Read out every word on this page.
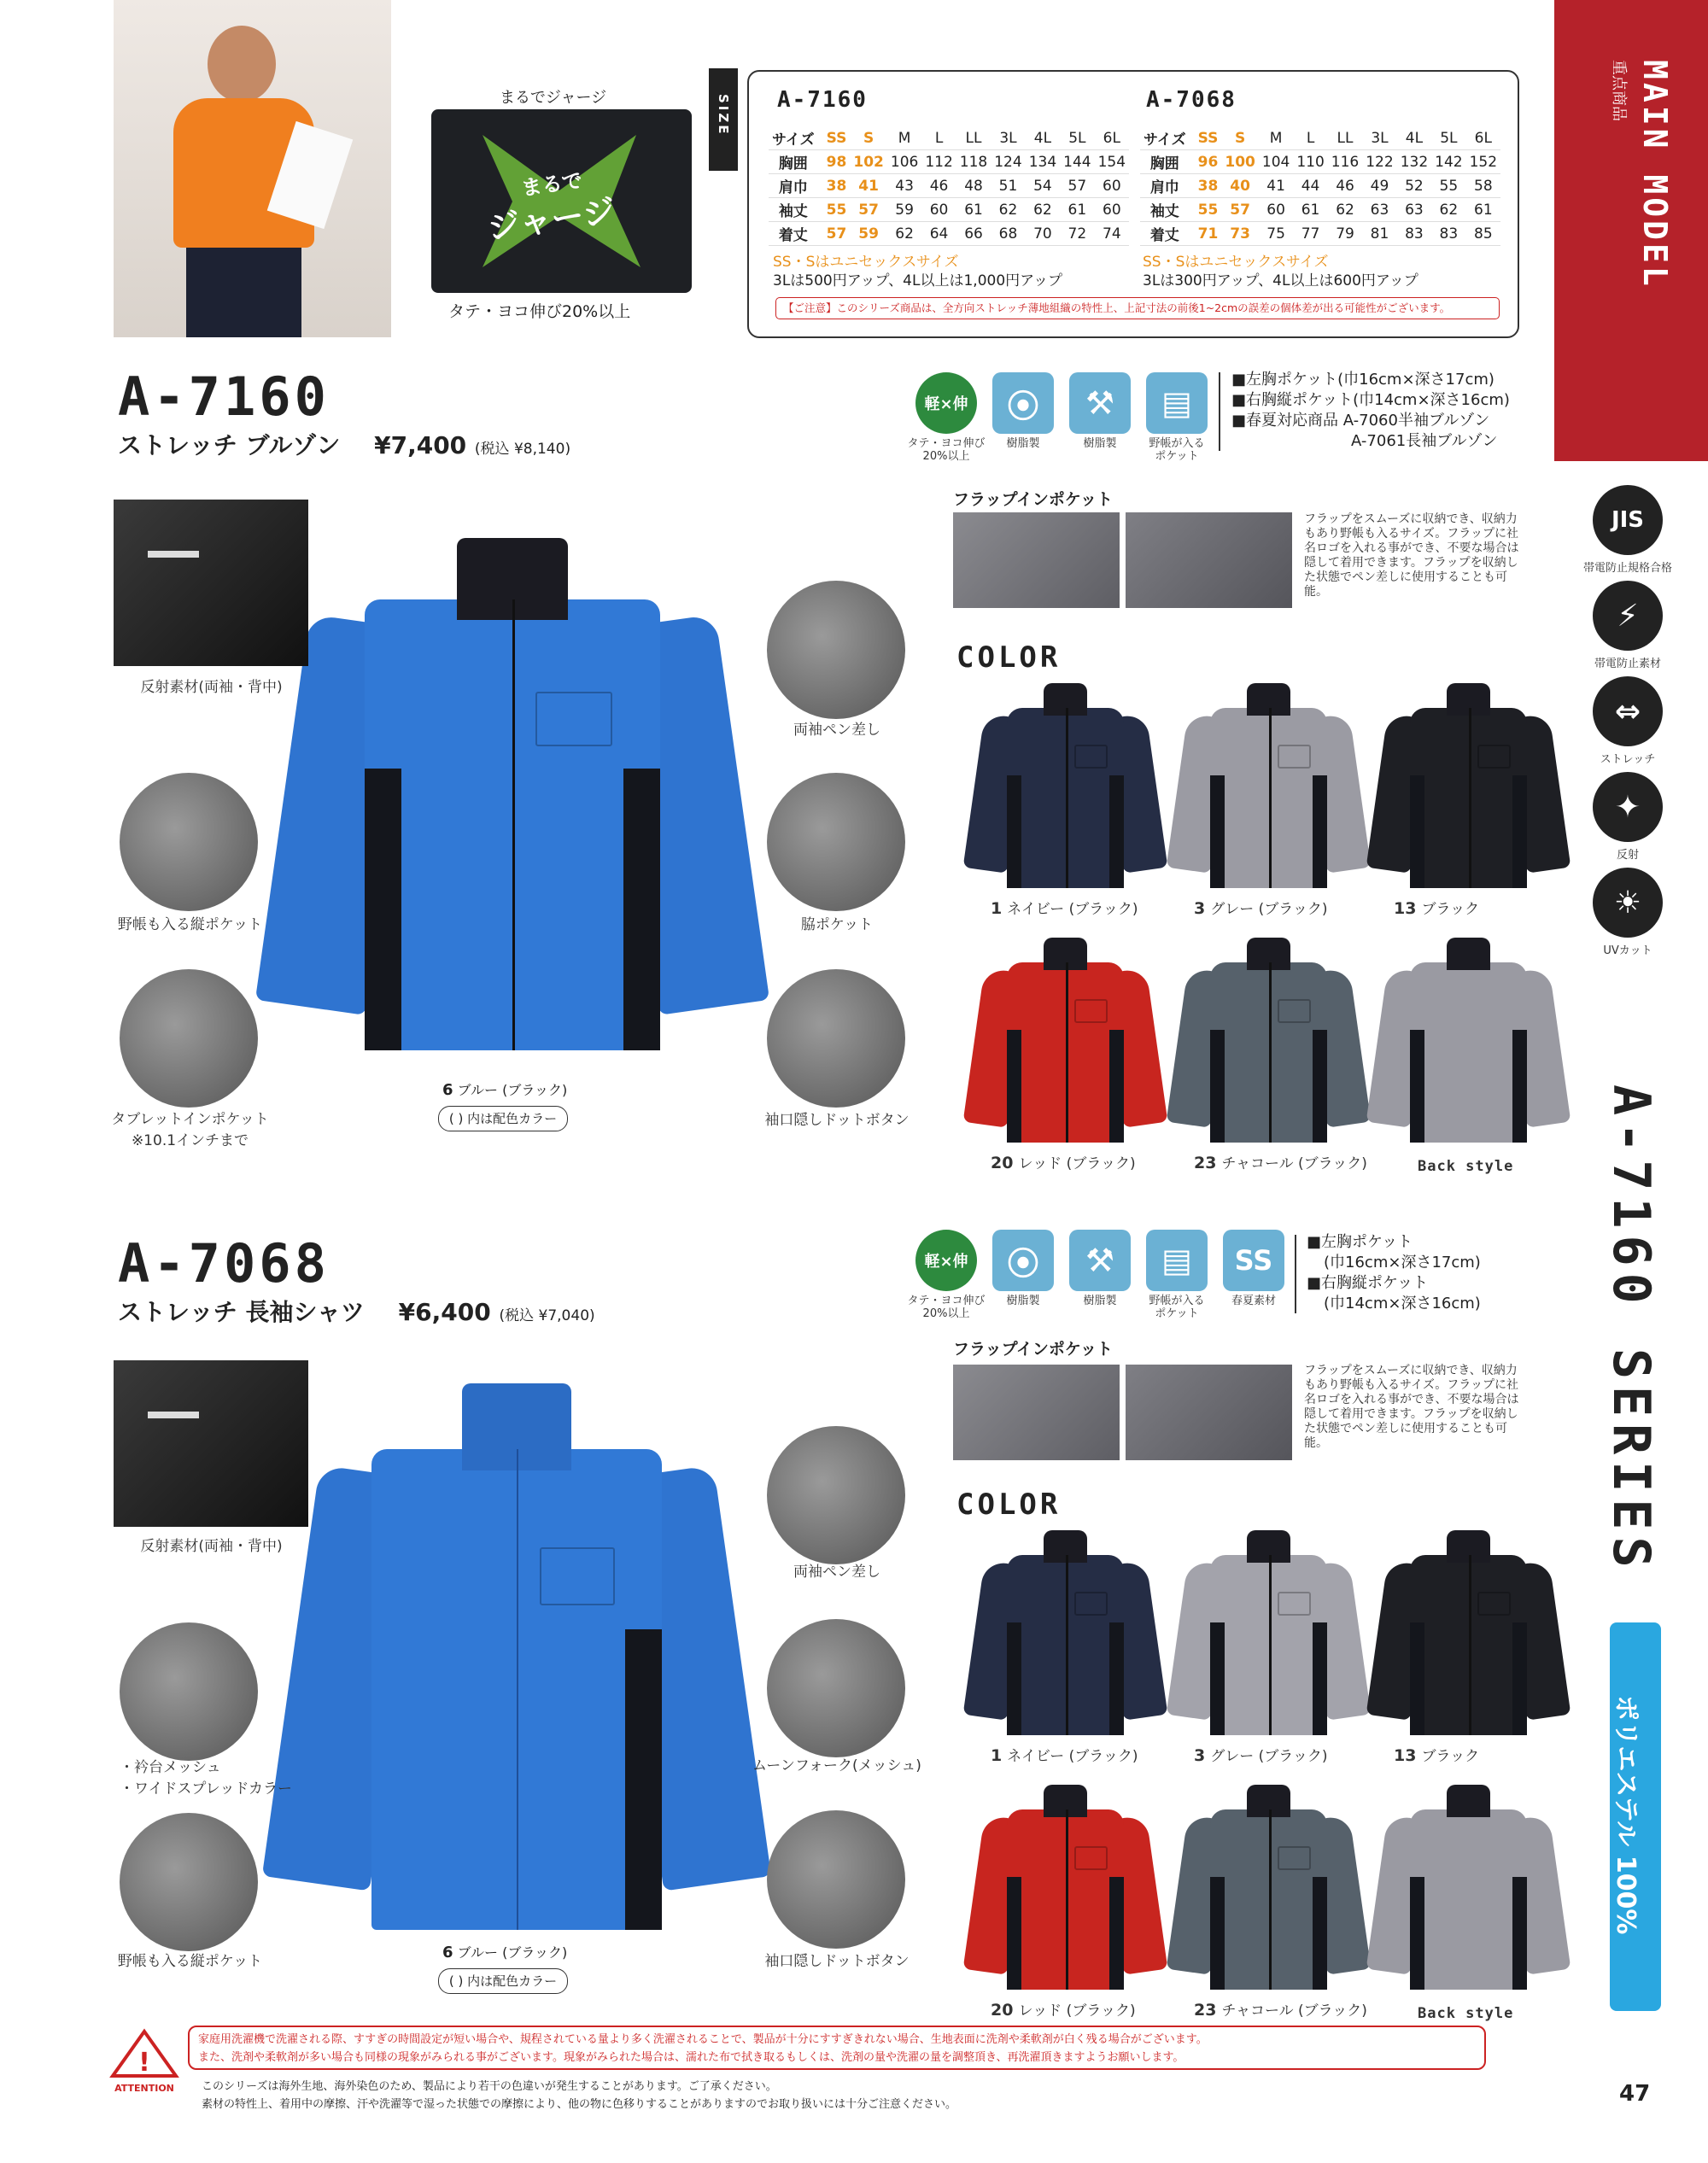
まるでジャージ
まるで
ジャージ
タテ・ヨコ伸び20%以上
SIZE A-7160
サイズ	SS	S	M	L	LL	3L	4L	5L	6L
胸囲	98	102	106	112	118	124	134	144	154
肩巾	38	41	43	46	48	51	54	57	60
袖丈	55	57	59	60	61	62	62	61	60
着丈	57	59	62	64	66	68	70	72	74
SS・Sはユニセックスサイズ
3Lは500円アップ、4L以上は1,000円アップ
A-7068
サイズ	SS	S	M	L	LL	3L	4L	5L	6L
胸囲	96	100	104	110	116	122	132	142	152
肩巾	38	40	41	44	46	49	52	55	58
袖丈	55	57	60	61	62	63	63	62	61
着丈	71	73	75	77	79	81	83	83	85
SS・Sはユニセックスサイズ
3Lは300円アップ、4L以上は600円アップ
【ご注意】このシリーズ商品は、全方向ストレッチ薄地組織の特性上、上記寸法の前後1~2cmの誤差の個体差が出る可能性がございます。
MAIN MODEL
重点商品
JIS
帯電防止規格合格
⚡
帯電防止素材
⇔
ストレッチ
✦
反射
☀
UVカット
A-7160 SERIES
ポリエステル 100%
47
A-7160
ストレッチ ブルゾン ¥7,400 (税込 ¥8,140)
軽×伸
タテ・ヨコ伸び
20%以上
⦿
樹脂製
⚒
樹脂製
▤
野帳が入る
ポケット
■左胸ポケット(巾16cm×深さ17cm)
■右胸縦ポケット(巾14cm×深さ16cm)
■春夏対応商品 A-7060半袖ブルゾン
A-7061長袖ブルゾン
フラップインポケット
フラップをスムーズに収納でき、収納力もあり野帳も入るサイズ。フラップに社名ロゴを入れる事ができ、不要な場合は隠して着用できます。フラップを収納した状態でペン差しに使用することも可能。
6 ブルー (ブラック)
( ) 内は配色カラー
反射素材(両袖・背中)
野帳も入る縦ポケット
タブレットインポケット
※10.1インチまで
両袖ペン差し
脇ポケット
袖口隠しドットボタン
COLOR
1 ネイビー (ブラック)	3 グレー (ブラック)	13 ブラック
20 レッド (ブラック)	23 チャコール (ブラック)	Back style
A-7068
ストレッチ 長袖シャツ ¥6,400 (税込 ¥7,040)
軽×伸
タテ・ヨコ伸び
20%以上
⦿
樹脂製
⚒
樹脂製
▤
野帳が入る
ポケット
SS
春夏素材
■左胸ポケット
(巾16cm×深さ17cm)
■右胸縦ポケット
(巾14cm×深さ16cm)
フラップインポケット
フラップをスムーズに収納でき、収納力もあり野帳も入るサイズ。フラップに社名ロゴを入れる事ができ、不要な場合は隠して着用できます。フラップを収納した状態でペン差しに使用することも可能。
6 ブルー (ブラック)
( ) 内は配色カラー
反射素材(両袖・背中)
・衿台メッシュ
・ワイドスプレッドカラー
野帳も入る縦ポケット
両袖ペン差し
ムーンフォーク(メッシュ)
袖口隠しドットボタン
COLOR
1 ネイビー (ブラック)	3 グレー (ブラック)	13 ブラック
20 レッド (ブラック)	23 チャコール (ブラック)	Back style
!
ATTENTION
家庭用洗濯機で洗濯される際、すすぎの時間設定が短い場合や、規程されている量より多く洗濯されることで、製品が十分にすすぎきれない場合、生地表面に洗剤や柔軟剤が白く残る場合がございます。
また、洗剤や柔軟剤が多い場合も同様の現象がみられる事がございます。現象がみられた場合は、濡れた布で拭き取るもしくは、洗剤の量や洗濯の量を調整頂き、再洗濯頂きますようお願いします。
このシリーズは海外生地、海外染色のため、製品により若干の色違いが発生することがあります。ご了承ください。
素材の特性上、着用中の摩擦、汗や洗濯等で湿った状態での摩擦により、他の物に色移りすることがありますのでお取り扱いには十分ご注意ください。
